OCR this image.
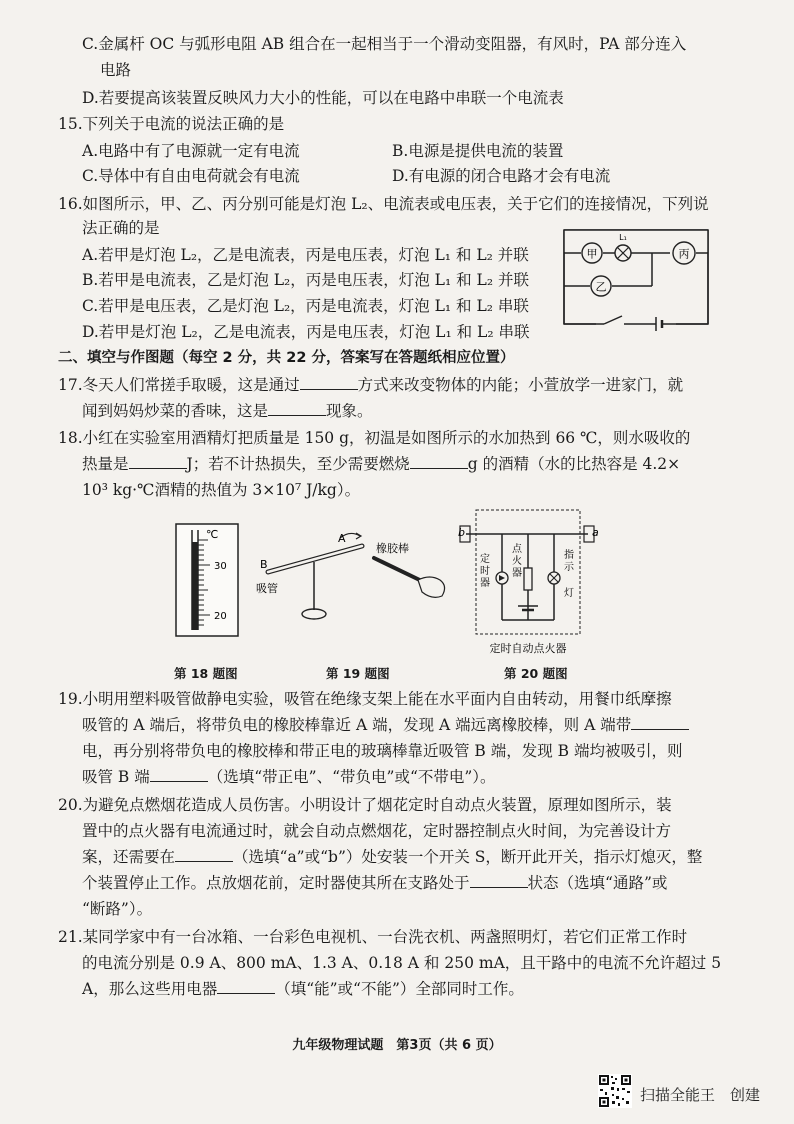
C.金属杆 OC 与弧形电阻 AB 组合在一起相当于一个滑动变阻器，有风时，PA 部分连入
电路
D.若要提高该装置反映风力大小的性能，可以在电路中串联一个电流表
15.下列关于电流的说法正确的是
A.电路中有了电源就一定有电流	B.电源是提供电流的装置
C.导体中有自由电荷就会有电流	D.有电源的闭合电路才会有电流
16.如图所示，甲、乙、丙分别可能是灯泡 L₂、电流表或电压表，关于它们的连接情况，下列说
法正确的是
A.若甲是灯泡 L₂，乙是电流表，丙是电压表，灯泡 L₁ 和 L₂ 并联
B.若甲是电流表，乙是灯泡 L₂，丙是电压表，灯泡 L₁ 和 L₂ 并联
C.若甲是电压表，乙是灯泡 L₂，丙是电流表，灯泡 L₁ 和 L₂ 串联
D.若甲是灯泡 L₂，乙是电流表，丙是电压表，灯泡 L₁ 和 L₂ 串联
甲	丙
乙
L₁
二、填空与作图题（每空 2 分，共 22 分，答案写在答题纸相应位置）
17.冬天人们常搓手取暖，这是通过	方式来改变物体的内能；小萱放学一进家门，就
闻到妈妈炒菜的香味，这是	现象。
18.小红在实验室用酒精灯把质量是 150 g，初温是如图所示的水加热到 66 ℃，则水吸收的
热量是	J；若不计热损失，至少需要燃烧	g 的酒精（水的比热容是 4.2×
10³ kg·℃酒精的热值为 3×10⁷ J/kg）。
℃
30
20
第 18 题图
B
A
吸管
橡胶棒
第 19 题图
b	a
定时器
点火器
指示灯
定时自动点火器
第 20 题图
19.小明用塑料吸管做静电实验，吸管在绝缘支架上能在水平面内自由转动，用餐巾纸摩擦
吸管的 A 端后，将带负电的橡胶棒靠近 A 端，发现 A 端远离橡胶棒，则 A 端带
电，再分别将带负电的橡胶棒和带正电的玻璃棒靠近吸管 B 端，发现 B 端均被吸引，则
吸管 B 端	（选填“带正电”、“带负电”或“不带电”）。
20.为避免点燃烟花造成人员伤害。小明设计了烟花定时自动点火装置，原理如图所示，装
置中的点火器有电流通过时，就会自动点燃烟花，定时器控制点火时间，为完善设计方
案，还需要在	（选填“a”或“b”）处安装一个开关 S，断开此开关，指示灯熄灭，整
个装置停止工作。点放烟花前，定时器使其所在支路处于	状态（选填“通路”或
“断路”）。
21.某同学家中有一台冰箱、一台彩色电视机、一台洗衣机、两盏照明灯，若它们正常工作时
的电流分别是 0.9 A、800 mA、1.3 A、0.18 A 和 250 mA，且干路中的电流不允许超过 5
A，那么这些用电器	（填“能”或“不能”）全部同时工作。
九年级物理试题　第3页（共 6 页）
扫描全能王　创建
